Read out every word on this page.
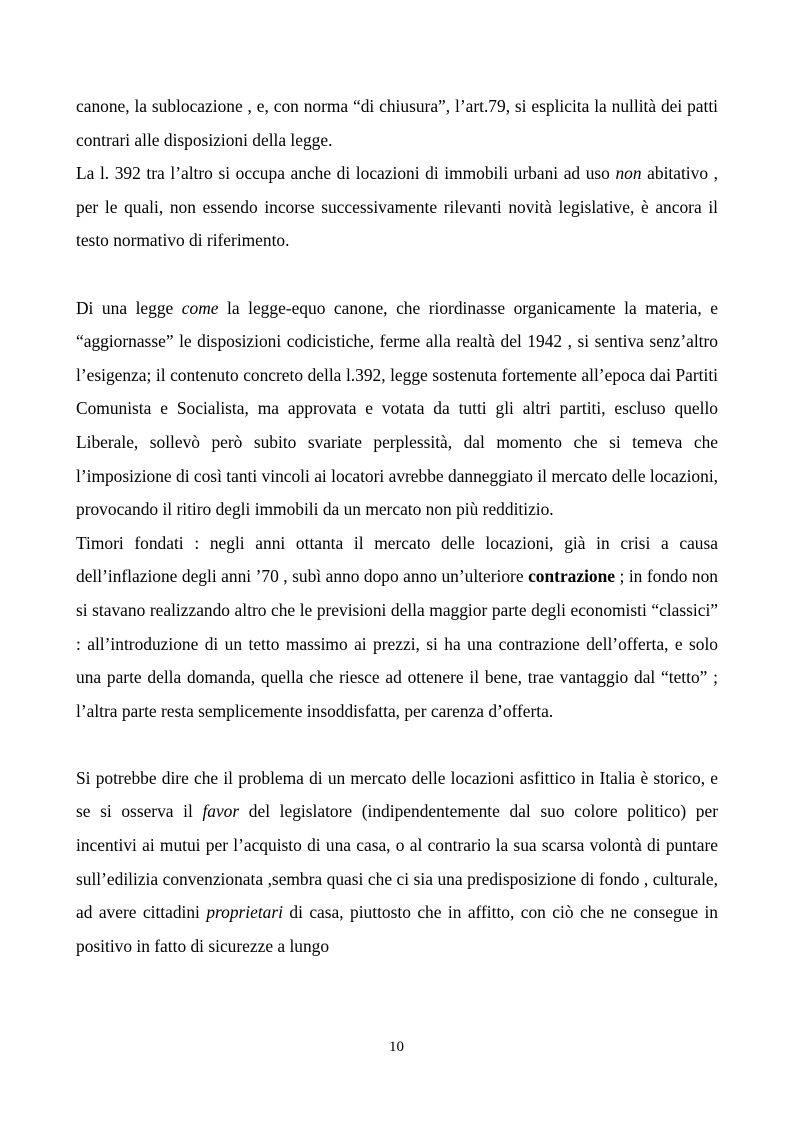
canone, la sublocazione , e, con norma “di chiusura”, l’art.79, si esplicita la nullità dei patti contrari alle disposizioni della legge.

La l. 392 tra l’altro si occupa anche di locazioni di immobili urbani ad uso non abitativo , per le quali, non essendo incorse successivamente rilevanti novità legislative, è ancora il testo normativo di riferimento.

Di una legge come la legge-equo canone, che riordinasse organicamente la materia, e “aggiornasse” le disposizioni codicistiche, ferme alla realtà del 1942 , si sentiva senz’altro l’esigenza; il contenuto concreto della l.392, legge sostenuta fortemente all’epoca dai Partiti Comunista e Socialista, ma approvata e votata da tutti gli altri partiti, escluso quello Liberale, sollevò però subito svariate perplessità, dal momento che si temeva che l’imposizione di così tanti vincoli ai locatori avrebbe danneggiato il mercato delle locazioni, provocando il ritiro degli immobili da un mercato non più redditizio.

Timori fondati : negli anni ottanta il mercato delle locazioni, già in crisi a causa dell’inflazione degli anni ’70 , subì anno dopo anno un’ulteriore contrazione ; in fondo non si stavano realizzando altro che le previsioni della maggior parte degli economisti “classici” : all’introduzione di un tetto massimo ai prezzi, si ha una contrazione dell’offerta, e solo una parte della domanda, quella che riesce ad ottenere il bene, trae vantaggio dal “tetto” ; l’altra parte resta semplicemente insoddisfatta, per carenza d’offerta.

Si potrebbe dire che il problema di un mercato delle locazioni asfittico in Italia è storico, e se si osserva il favor del legislatore (indipendentemente dal suo colore politico) per incentivi ai mutui per l’acquisto di una casa, o al contrario la sua scarsa volontà di puntare sull’edilizia convenzionata ,sembra quasi che ci sia una predisposizione di fondo , culturale, ad avere cittadini proprietari di casa, piuttosto che in affitto, con ciò che ne consegue in positivo in fatto di sicurezze a lungo

10
